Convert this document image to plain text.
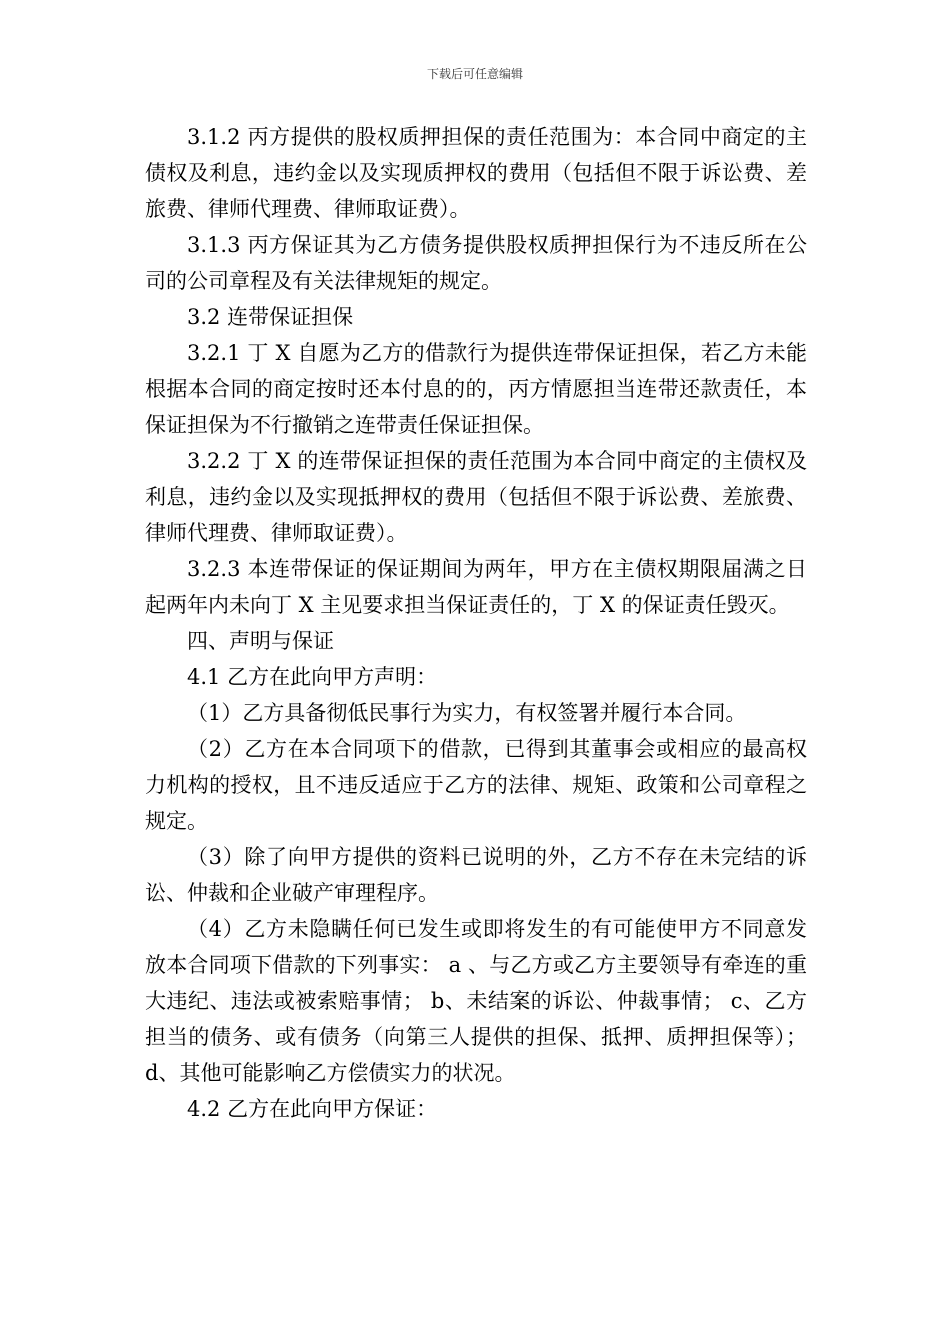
下载后可任意编辑

3.1.2 丙方提供的股权质押担保的责任范围为：本合同中商定的主债权及利息，违约金以及实现质押权的费用（包括但不限于诉讼费、差旅费、律师代理费、律师取证费）。

3.1.3 丙方保证其为乙方债务提供股权质押担保行为不违反所在公司的公司章程及有关法律规矩的规定。

3.2 连带保证担保

3.2.1 丁 X 自愿为乙方的借款行为提供连带保证担保，若乙方未能根据本合同的商定按时还本付息的的，丙方情愿担当连带还款责任，本保证担保为不行撤销之连带责任保证担保。

3.2.2 丁 X 的连带保证担保的责任范围为本合同中商定的主债权及利息，违约金以及实现抵押权的费用（包括但不限于诉讼费、差旅费、律师代理费、律师取证费）。

3.2.3 本连带保证的保证期间为两年，甲方在主债权期限届满之日起两年内未向丁 X 主见要求担当保证责任的，丁 X 的保证责任毁灭。

四、声明与保证

4.1 乙方在此向甲方声明：

（1）乙方具备彻低民事行为实力，有权签署并履行本合同。

（2）乙方在本合同项下的借款，已得到其董事会或相应的最高权力机构的授权，且不违反适应于乙方的法律、规矩、政策和公司章程之规定。

（3）除了向甲方提供的资料已说明的外，乙方不存在未完结的诉讼、仲裁和企业破产审理程序。

（4）乙方未隐瞒任何已发生或即将发生的有可能使甲方不同意发放本合同项下借款的下列事实： a 、与乙方或乙方主要领导有牵连的重大违纪、违法或被索赔事情； b、未结案的诉讼、仲裁事情； c、乙方担当的债务、或有债务（向第三人提供的担保、抵押、质押担保等）； d、其他可能影响乙方偿债实力的状况。

4.2 乙方在此向甲方保证：
